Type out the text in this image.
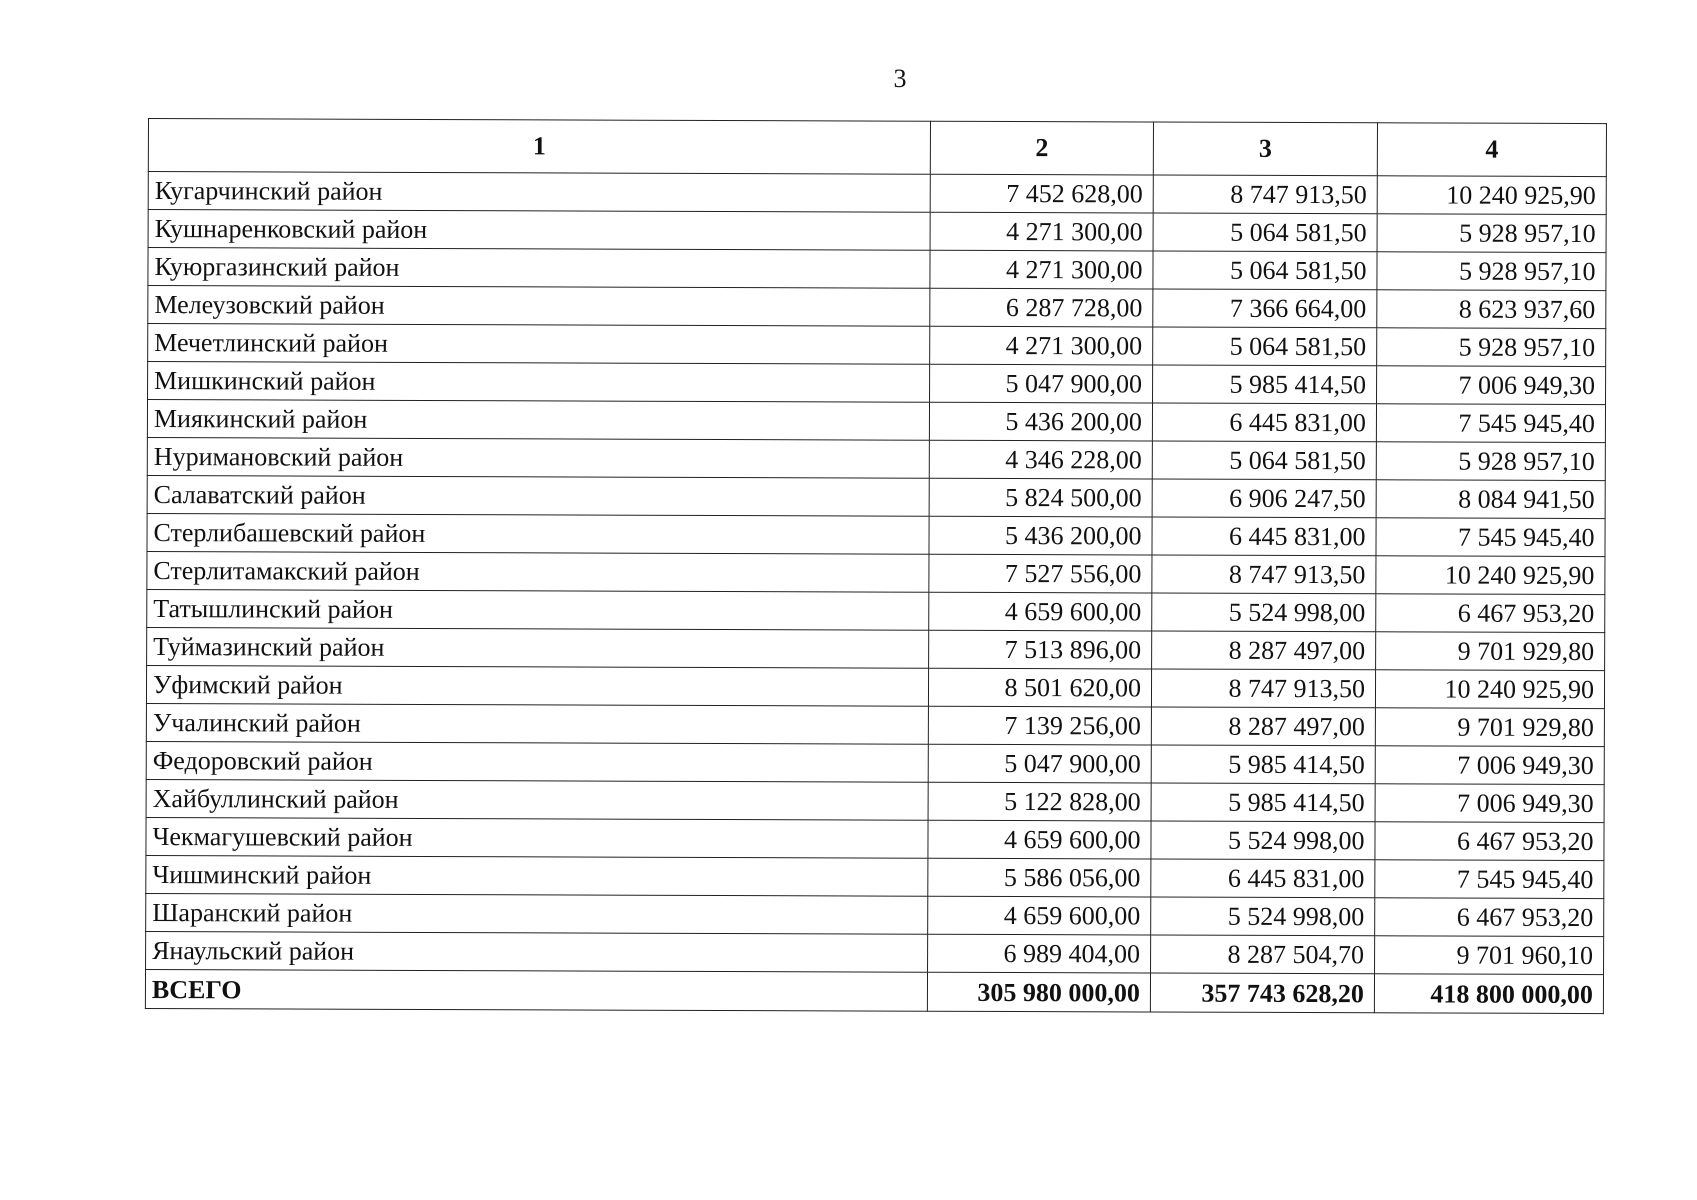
3
1	2	3	4
Кугарчинский район	7 452 628,00	8 747 913,50	10 240 925,90
Кушнаренковский район	4 271 300,00	5 064 581,50	5 928 957,10
Куюргазинский район	4 271 300,00	5 064 581,50	5 928 957,10
Мелеузовский район	6 287 728,00	7 366 664,00	8 623 937,60
Мечетлинский район	4 271 300,00	5 064 581,50	5 928 957,10
Мишкинский район	5 047 900,00	5 985 414,50	7 006 949,30
Миякинский район	5 436 200,00	6 445 831,00	7 545 945,40
Нуримановский район	4 346 228,00	5 064 581,50	5 928 957,10
Салаватский район	5 824 500,00	6 906 247,50	8 084 941,50
Стерлибашевский район	5 436 200,00	6 445 831,00	7 545 945,40
Стерлитамакский район	7 527 556,00	8 747 913,50	10 240 925,90
Татышлинский район	4 659 600,00	5 524 998,00	6 467 953,20
Туймазинский район	7 513 896,00	8 287 497,00	9 701 929,80
Уфимский район	8 501 620,00	8 747 913,50	10 240 925,90
Учалинский район	7 139 256,00	8 287 497,00	9 701 929,80
Федоровский район	5 047 900,00	5 985 414,50	7 006 949,30
Хайбуллинский район	5 122 828,00	5 985 414,50	7 006 949,30
Чекмагушевский район	4 659 600,00	5 524 998,00	6 467 953,20
Чишминский район	5 586 056,00	6 445 831,00	7 545 945,40
Шаранский район	4 659 600,00	5 524 998,00	6 467 953,20
Янаульский район	6 989 404,00	8 287 504,70	9 701 960,10
ВСЕГО	305 980 000,00	357 743 628,20	418 800 000,00
